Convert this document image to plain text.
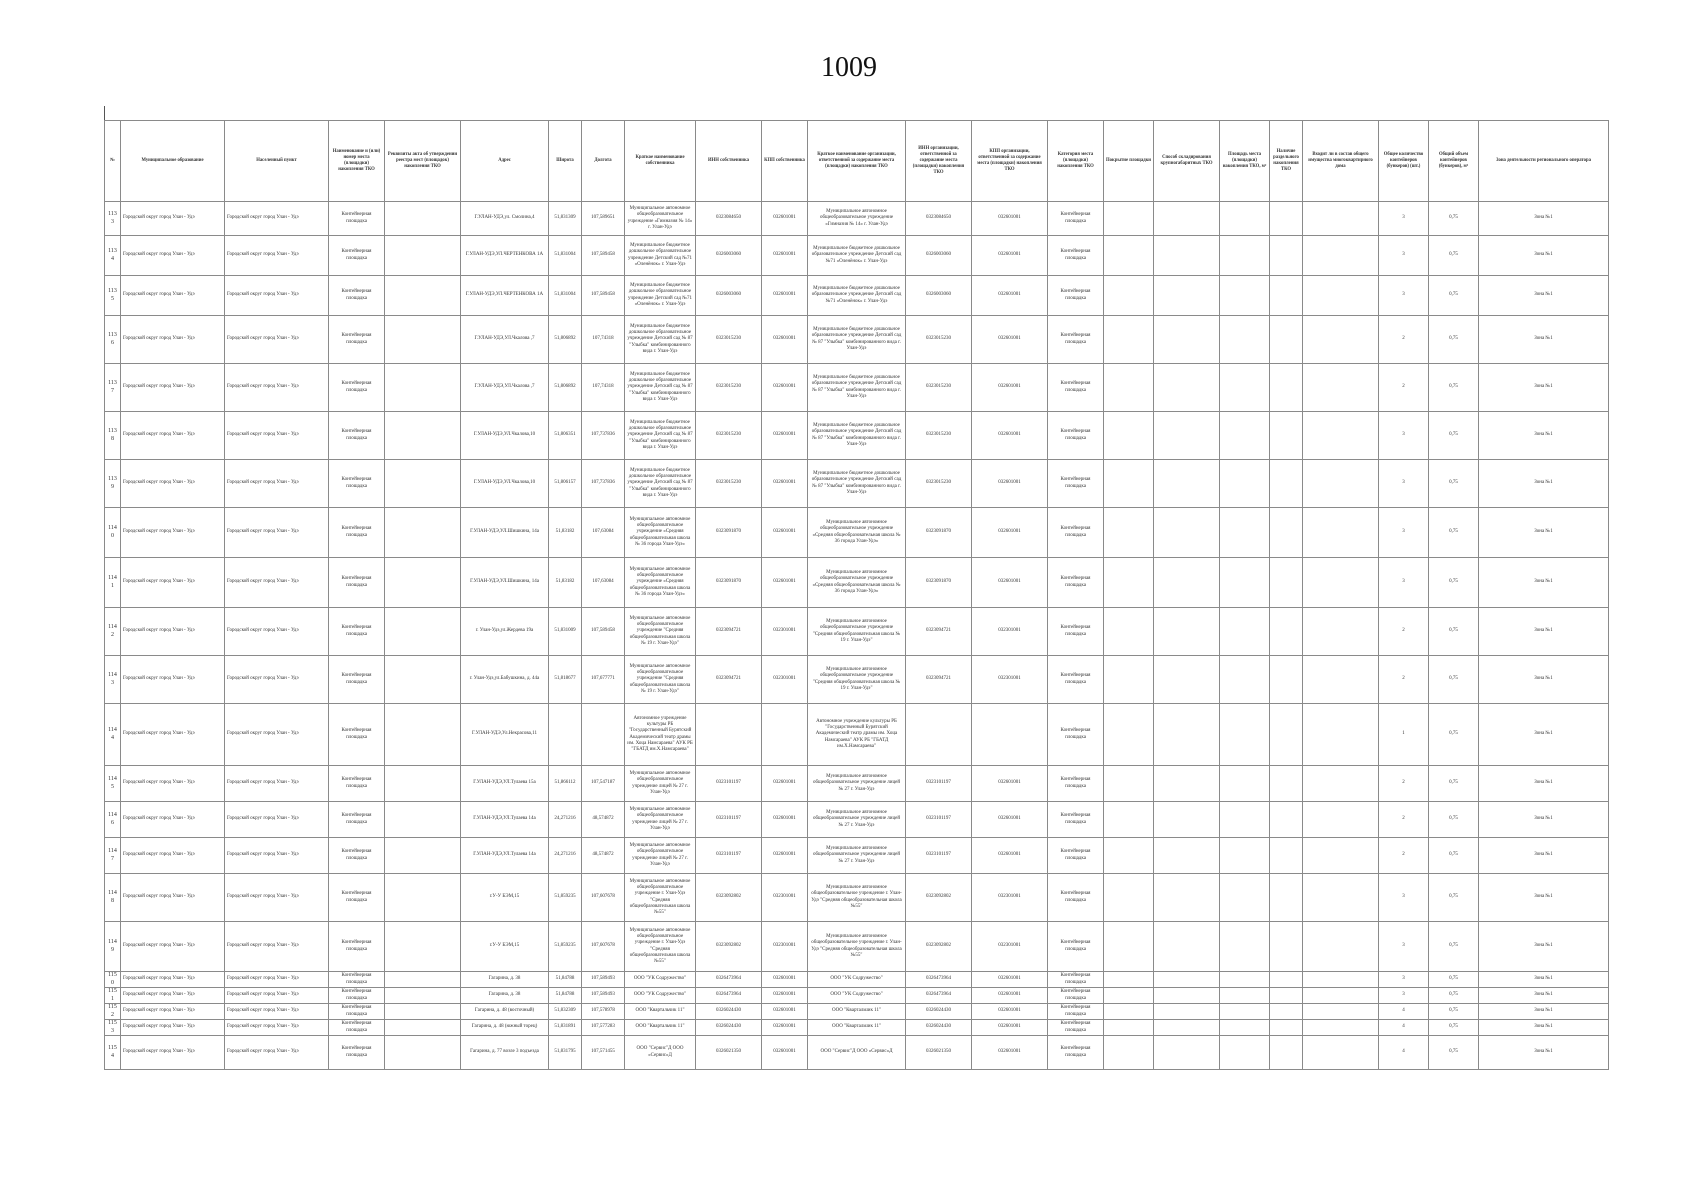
1009
№	Муниципальное образование	Населенный пункт	Наименование и (или) номер места (площадки) накопления ТКО	Реквизиты акта об утверждении реестра мест (площадок) накопления ТКО	Адрес	Широта	Долгота	Краткое наименование собственника	ИНН собственника	КПП собственника	Краткое наименование организации, ответственной за содержание места (площадки) накопления ТКО	ИНН организации, ответственной за содержание места (площадки) накопления ТКО	КПП организации, ответственной за содержание места (площадки) накопления ТКО	Категория места (площадки) накопления ТКО	Покрытие площадки	Способ складирования крупногабаритных ТКО	Площадь места (площадки) накопления ТКО, м²	Наличие раздельного накопления ТКО	Входит ли в состав общего имущества многоквартирного дома	Общее количество контейнеров (бункеров) (шт.)	Общий объем контейнеров (бункеров), м³	Зона деятельности регионального оператора
1133	Городской округ город Улан - Удэ	Городской округ город Улан - Удэ	Контейнерная площадка		Г.УЛАН-УДЭ,ул. Смолина,4	51,831309	107,589651	Муниципальное автономное общеобразовательное учреждение «Гимназия № 14» г. Улан-Удэ	0323084650	032601001	Муниципальное автономное общеобразовательное учреждение «Гимназия № 14» г. Улан-Удэ	0323084650	032601001	Контейнерная площадка						3	0,75	Зона №1
1134	Городской округ город Улан - Удэ	Городской округ город Улан - Удэ	Контейнерная площадка		Г.УЛАН-УДЭ,УЛ.ЧЕРТЕНКОВА 1А	51,831004	107,589458	Муниципальное бюджетное дошкольное образовательное учреждение Детский сад №71 «Оленёнок» г. Улан-Удэ	0326003060	032601001	Муниципальное бюджетное дошкольное образовательное учреждение Детский сад №71 «Оленёнок» г. Улан-Удэ	0326003060	032601001	Контейнерная площадка						3	0,75	Зона №1
1135	Городской округ город Улан - Удэ	Городской округ город Улан - Удэ	Контейнерная площадка		Г.УЛАН-УДЭ,УЛ.ЧЕРТЕНКОВА 1А	51,831004	107,589458	Муниципальное бюджетное дошкольное образовательное учреждение Детский сад №71 «Оленёнок» г. Улан-Удэ	0326003060	032601001	Муниципальное бюджетное дошкольное образовательное учреждение Детский сад №71 «Оленёнок» г. Улан-Удэ	0326003060	032601001	Контейнерная площадка						3	0,75	Зона №1
1136	Городской округ город Улан - Удэ	Городской округ город Улан - Удэ	Контейнерная площадка		Г.УЛАН-УДЭ,УЛ.Чкалова ,7	51,806892	107,74318	Муниципальное бюджетное дошкольное образовательное учреждение Детский сад № 87 "Улыбка" комбинированного вида г. Улан-Удэ	0323015230	032601001	Муниципальное бюджетное дошкольное образовательное учреждение Детский сад № 87 "Улыбка" комбинированного вида г. Улан-Удэ	0323015230	032601001	Контейнерная площадка						2	0,75	Зона №1
1137	Городской округ город Улан - Удэ	Городской округ город Улан - Удэ	Контейнерная площадка		Г.УЛАН-УДЭ,УЛ.Чкалова ,7	51,806892	107,74318	Муниципальное бюджетное дошкольное образовательное учреждение Детский сад № 87 "Улыбка" комбинированного вида г. Улан-Удэ	0323015230	032601001	Муниципальное бюджетное дошкольное образовательное учреждение Детский сад № 87 "Улыбка" комбинированного вида г. Улан-Удэ	0323015230	032601001	Контейнерная площадка						2	0,75	Зона №1
1138	Городской округ город Улан - Удэ	Городской округ город Улан - Удэ	Контейнерная площадка		Г.УЛАН-УДЭ,УЛ.Чкалова,10	51,806351	107,737836	Муниципальное бюджетное дошкольное образовательное учреждение Детский сад № 87 "Улыбка" комбинированного вида г. Улан-Удэ	0323015230	032601001	Муниципальное бюджетное дошкольное образовательное учреждение Детский сад № 87 "Улыбка" комбинированного вида г. Улан-Удэ	0323015230	032601001	Контейнерная площадка						3	0,75	Зона №1
1139	Городской округ город Улан - Удэ	Городской округ город Улан - Удэ	Контейнерная площадка		Г.УЛАН-УДЭ,УЛ.Чкалова,10	51,806157	107,737836	Муниципальное бюджетное дошкольное образовательное учреждение Детский сад № 87 "Улыбка" комбинированного вида г. Улан-Удэ	0323015230	032601001	Муниципальное бюджетное дошкольное образовательное учреждение Детский сад № 87 "Улыбка" комбинированного вида г. Улан-Удэ	0323015230	032601001	Контейнерная площадка						3	0,75	Зона №1
1140	Городской округ город Улан - Удэ	Городской округ город Улан - Удэ	Контейнерная площадка		Г.УЛАН-УДЭ,УЛ.Шишкина, 14а	51,83182	107,63084	Муниципальное автономное общеобразовательное учреждение «Средняя общеобразовательная школа № 36 города Улан-Удэ»	0323091870	032601001	Муниципальное автономное общеобразовательное учреждение «Средняя общеобразовательная школа № 36 города Улан-Удэ»	0323091870	032601001	Контейнерная площадка						3	0,75	Зона №1
1141	Городской округ город Улан - Удэ	Городской округ город Улан - Удэ	Контейнерная площадка		Г.УЛАН-УДЭ,УЛ.Шишкина, 14а	51,83182	107,63084	Муниципальное автономное общеобразовательное учреждение «Средняя общеобразовательная школа № 36 города Улан-Удэ»	0323091870	032601001	Муниципальное автономное общеобразовательное учреждение «Средняя общеобразовательная школа № 36 города Улан-Удэ»	0323091870	032601001	Контейнерная площадка						3	0,75	Зона №1
1142	Городской округ город Улан - Удэ	Городской округ город Улан - Удэ	Контейнерная площадка		г. Улан-Удэ,ул.Жердева 19а	51,831009	107,589458	Муниципальное автономное общеобразовательное учреждение "Средняя общеобразовательная школа № 19 г. Улан-Удэ"	0323094721	032301001	Муниципальное автономное общеобразовательное учреждение "Средняя общеобразовательная школа № 19 г. Улан-Удэ"	0323094721	032301001	Контейнерная площадка						2	0,75	Зона №1
1143	Городской округ город Улан - Удэ	Городской округ город Улан - Удэ	Контейнерная площадка		г. Улан-Удэ,ул.Бабушкина, д. 44а	51,818677	107,677771	Муниципальное автономное общеобразовательное учреждение "Средняя общеобразовательная школа № 19 г. Улан-Удэ"	0323094721	032301001	Муниципальное автономное общеобразовательное учреждение "Средняя общеобразовательная школа № 19 г. Улан-Удэ"	0323094721	032301001	Контейнерная площадка						2	0,75	Зона №1
1144	Городской округ город Улан - Удэ	Городской округ город Улан - Удэ	Контейнерная площадка		Г.УЛАН-УДЭ,Ул.Некрасова,11			Автономное учреждение культуры РБ "Государственный Бурятский Академический театр драмы им. Хоца Намсараева" АУК РБ "ГБАТД им.Х.Намсараева"			Автономное учреждение культуры РБ "Государственный Бурятский Академический театр драмы им. Хоца Намсараева" АУК РБ "ГБАТД им.Х.Намсараева"			Контейнерная площадка						1	0,75	Зона №1
1145	Городской округ город Улан - Удэ	Городской округ город Улан - Удэ	Контейнерная площадка		Г.УЛАН-УДЭ,УЛ.Тулаева 15а	51,866112	107,547187	Муниципальное автономное общеобразовательное учреждение лицей № 27 г. Улан-Удэ	0323101197	032601001	Муниципальное автономное общеобразовательное учреждение лицей № 27 г. Улан-Удэ	0323101197	032601001	Контейнерная площадка						2	0,75	Зона №1
1146	Городской округ город Улан - Удэ	Городской округ город Улан - Удэ	Контейнерная площадка		Г.УЛАН-УДЭ,УЛ.Тулаева 14а	24,271216	48,574872	Муниципальное автономное общеобразовательное учреждение лицей № 27 г. Улан-Удэ	0323101197	032601001	Муниципальное автономное общеобразовательное учреждение лицей № 27 г. Улан-Удэ	0323101197	032601001	Контейнерная площадка						2	0,75	Зона №1
1147	Городской округ город Улан - Удэ	Городской округ город Улан - Удэ	Контейнерная площадка		Г.УЛАН-УДЭ,УЛ.Тулаева 14а	24,271216	48,574872	Муниципальное автономное общеобразовательное учреждение лицей № 27 г. Улан-Удэ	0323101197	032601001	Муниципальное автономное общеобразовательное учреждение лицей № 27 г. Улан-Удэ	0323101197	032601001	Контейнерная площадка						2	0,75	Зона №1
1148	Городской округ город Улан - Удэ	Городской округ город Улан - Удэ	Контейнерная площадка		г.У-У БЭМ,15	51,859235	107,607678	Муниципальное автономное общеобразовательное учреждение г. Улан-Удэ "Средняя общеобразовательная школа №55"	0323092802	032301001	Муниципальное автономное общеобразовательное учреждение г. Улан-Удэ "Средняя общеобразовательная школа №55"	0323092802	032301001	Контейнерная площадка						3	0,75	Зона №1
1149	Городской округ город Улан - Удэ	Городской округ город Улан - Удэ	Контейнерная площадка		г.У-У БЭМ,15	51,859235	107,607678	Муниципальное автономное общеобразовательное учреждение г. Улан-Удэ "Средняя общеобразовательная школа №55"	0323092802	032301001	Муниципальное автономное общеобразовательное учреждение г. Улан-Удэ "Средняя общеобразовательная школа №55"	0323092802	032301001	Контейнерная площадка						3	0,75	Зона №1
1150	Городской округ город Улан - Удэ	Городской округ город Улан - Удэ	Контейнерная площадка		Гагарина, д. 38	51,84788	107,589493	ООО "УК Содружество"	0326473964	032601001	ООО "УК Содружество"	0326473964	032601001	Контейнерная площадка						3	0,75	Зона №1
1151	Городской округ город Улан - Удэ	Городской округ город Улан - Удэ	Контейнерная площадка		Гагарина, д. 38	51,84788	107,589493	ООО "УК Содружество"	0326473964	032601001	ООО "УК Содружество"	0326473964	032601001	Контейнерная площадка						3	0,75	Зона №1
1152	Городской округ город Улан - Удэ	Городской округ город Улан - Удэ	Контейнерная площадка		Гагарина, д. 48 (восточный)	51,832309	107,578978	ООО "Квартальчик 11"	0326024430	032601001	ООО "Квартальчик 11"	0326024430	032601001	Контейнерная площадка						4	0,75	Зона №1
1153	Городской округ город Улан - Удэ	Городской округ город Улан - Удэ	Контейнерная площадка		Гагарина, д. 48 (южный торец)	51,831891	107,577283	ООО "Квартальчик 11"	0326024430	032601001	ООО "Квартальчик 11"	0326024430	032601001	Контейнерная площадка						4	0,75	Зона №1
1154	Городской округ город Улан - Удэ	Городской округ город Улан - Удэ	Контейнерная площадка		Гагарина, д. 77 возле 3 подъезда	51,831795	107,571455	ООО "Сервис"Д ООО «Сервис»Д	0326021350	032601001	ООО "Сервис"Д ООО «Сервис»Д	0326021350	032601001	Контейнерная площадка						4	0,75	Зона №1
